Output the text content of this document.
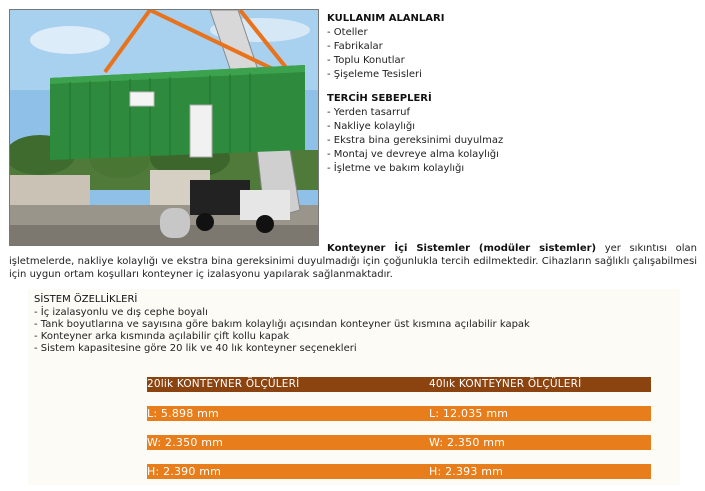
KULLANIM ALANLARI
- Oteller
- Fabrikalar
- Toplu Konutlar
- Şişeleme Tesisleri
TERCİH SEBEPLERİ
- Yerden tasarruf
- Nakliye kolaylığı
- Ekstra bina gereksinimi duyulmaz
- Montaj ve devreye alma kolaylığı
- İşletme ve bakım kolaylığı

Konteyner İçi Sistemler (modüler sistemler) yer sıkıntısı olan işletmelerde, nakliye kolaylığı ve ekstra bina gereksinimi duyulmadığı için çoğunlukla tercih edilmektedir. Cihazların sağlıklı çalışabilmesi için uygun ortam koşulları konteyner iç izalasyonu yapılarak sağlanmaktadır.

SİSTEM ÖZELLİKLERİ
- İç izalasyonlu ve dış cephe boyalı
- Tank boyutlarına ve sayısına göre bakım kolaylığı açısından konteyner üst kısmına açılabilir kapak
- Konteyner arka kısmında açılabilir çift kollu kapak
- Sistem kapasitesine göre 20 lik ve 40 lık konteyner seçenekleri
20lik KONTEYNER ÖLÇÜLERİ	40lık KONTEYNER ÖLÇÜLERİ
L: 5.898 mm	L: 12.035 mm
W: 2.350 mm	W: 2.350 mm
H: 2.390 mm	H: 2.393 mm
